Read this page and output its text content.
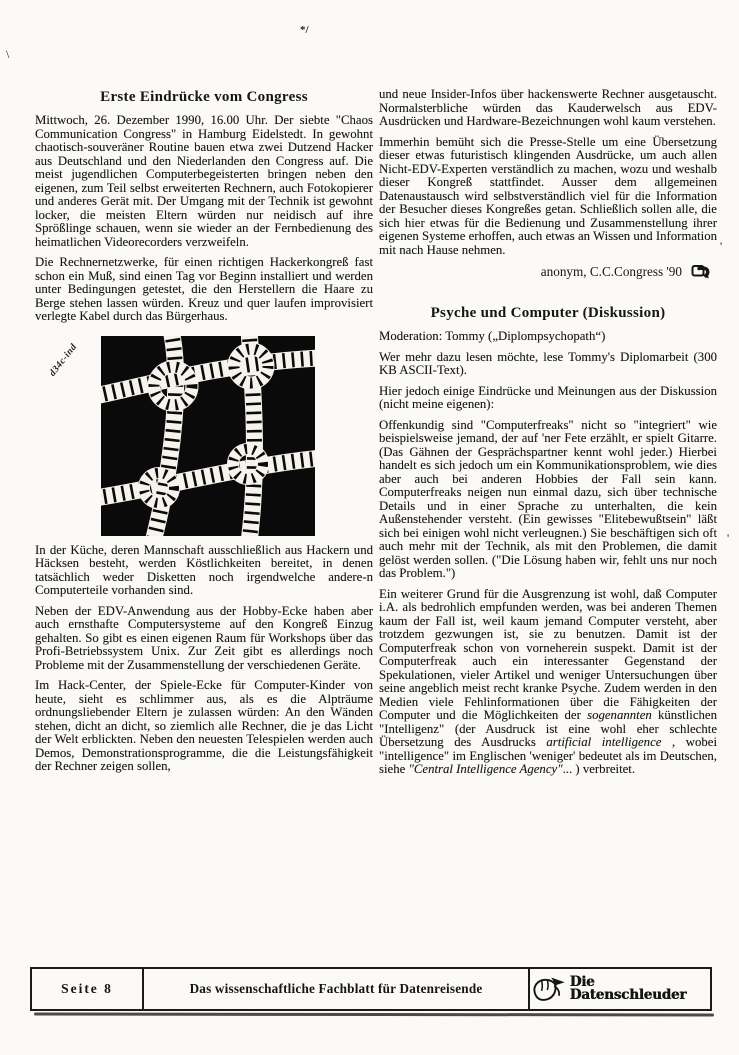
*/
\
'
'
Erste Eindrücke vom Congress

Mittwoch, 26. Dezember 1990, 16.00 Uhr. Der siebte "Chaos Communication Congress" in Hamburg Eidelstedt. In gewohnt chaotisch-souveräner Routine bauen etwa zwei Dutzend Hacker aus Deutschland und den Niederlanden den Congress auf. Die meist jugendlichen Computerbegeisterten bringen neben den eigenen, zum Teil selbst erweiterten Rechnern, auch Fotokopierer und anderes Gerät mit. Der Umgang mit der Technik ist gewohnt locker, die meisten Eltern würden nur neidisch auf ihre Sprößlinge schauen, wenn sie wieder an der Fernbedienung des heimatlichen Videorecorders verzweifeln.

Die Rechnernetzwerke, für einen richtigen Hackerkongreß fast schon ein Muß, sind einen Tag vor Beginn installiert und werden unter Bedingungen getestet, die den Herstellern die Haare zu Berge stehen lassen würden. Kreuz und quer laufen improvisiert verlegte Kabel durch das Bürgerhaus.

d34c-ind

In der Küche, deren Mannschaft ausschließlich aus Hackern und Häcksen besteht, werden Köstlichkeiten bereitet, in denen tatsächlich weder Disketten noch irgendwelche andere-n Computerteile vorhanden sind.

Neben der EDV-Anwendung aus der Hobby-Ecke haben aber auch ernsthafte Computersysteme auf den Kongreß Einzug gehalten. So gibt es einen eigenen Raum für Workshops über das Profi-Betriebssystem Unix. Zur Zeit gibt es allerdings noch Probleme mit der Zusammenstellung der verschiedenen Geräte.

Im Hack-Center, der Spiele-Ecke für Computer-Kinder von heute, sieht es schlimmer aus, als es die Alpträume ordnungsliebender Eltern je zulassen würden: An den Wänden stehen, dicht an dicht, so ziemlich alle Rechner, die je das Licht der Welt erblickten. Neben den neuesten Telespielen werden auch Demos, Demonstrationsprogramme, die die Leistungsfähigkeit der Rechner zeigen sollen,

und neue Insider-Infos über hackenswerte Rechner ausgetauscht. Normalsterbliche würden das Kauderwelsch aus EDV-Ausdrücken und Hardware-Bezeichnungen wohl kaum verstehen.

Immerhin bemüht sich die Presse-Stelle um eine Übersetzung dieser etwas futuristisch klingenden Ausdrücke, um auch allen Nicht-EDV-Experten verständlich zu machen, wozu und weshalb dieser Kongreß stattfindet. Ausser dem allgemeinen Datenaustausch wird selbstverständlich viel für die Information der Besucher dieses Kongreßes getan. Schließlich sollen alle, die sich hier etwas für die Bedienung und Zusammenstellung ihrer eigenen Systeme erhoffen, auch etwas an Wissen und Information mit nach Hause nehmen.

anonym, C.C.Congress '90
Psyche und Computer (Diskussion)

Moderation: Tommy („Diplompsychopath“)

Wer mehr dazu lesen möchte, lese Tommy's Diplomarbeit (300 KB ASCII-Text).

Hier jedoch einige Eindrücke und Meinungen aus der Diskussion (nicht meine eigenen):

Offenkundig sind "Computerfreaks" nicht so "integriert" wie beispielsweise jemand, der auf 'ner Fete erzählt, er spielt Gitarre. (Das Gähnen der Gesprächspartner kennt wohl jeder.) Hierbei handelt es sich jedoch um ein Kommunikationsproblem, wie dies aber auch bei anderen Hobbies der Fall sein kann. Computerfreaks neigen nun einmal dazu, sich über technische Details und in einer Sprache zu unterhalten, die kein Außenstehender versteht. (Ein gewisses "Elitebewußtsein" läßt sich bei einigen wohl nicht verleugnen.) Sie beschäftigen sich oft auch mehr mit der Technik, als mit den Problemen, die damit gelöst werden sollen. ("Die Lösung haben wir, fehlt uns nur noch das Problem.")

Ein weiterer Grund für die Ausgrenzung ist wohl, daß Computer i.A. als bedrohlich empfunden werden, was bei anderen Themen kaum der Fall ist, weil kaum jemand Computer versteht, aber trotzdem gezwungen ist, sie zu benutzen. Damit ist der Computerfreak schon von vorneherein suspekt. Damit ist der Computerfreak auch ein interessanter Gegenstand der Spekulationen, vieler Artikel und weniger Untersuchungen über seine angeblich meist recht kranke Psyche. Zudem werden in den Medien viele Fehlinformationen über die Fähigkeiten der Computer und die Möglichkeiten der sogenannten künstlichen "Intelligenz" (der Ausdruck ist eine wohl eher schlechte Übersetzung des Ausdrucks artificial intelligence , wobei "intelligence" im Englischen 'weniger' bedeutet als im Deutschen, siehe "Central Intelligence Agency"... ) verbreitet.

Seite 8	Das wissenschaftliche Fachblatt für Datenreisende	Die Datenschleuder
